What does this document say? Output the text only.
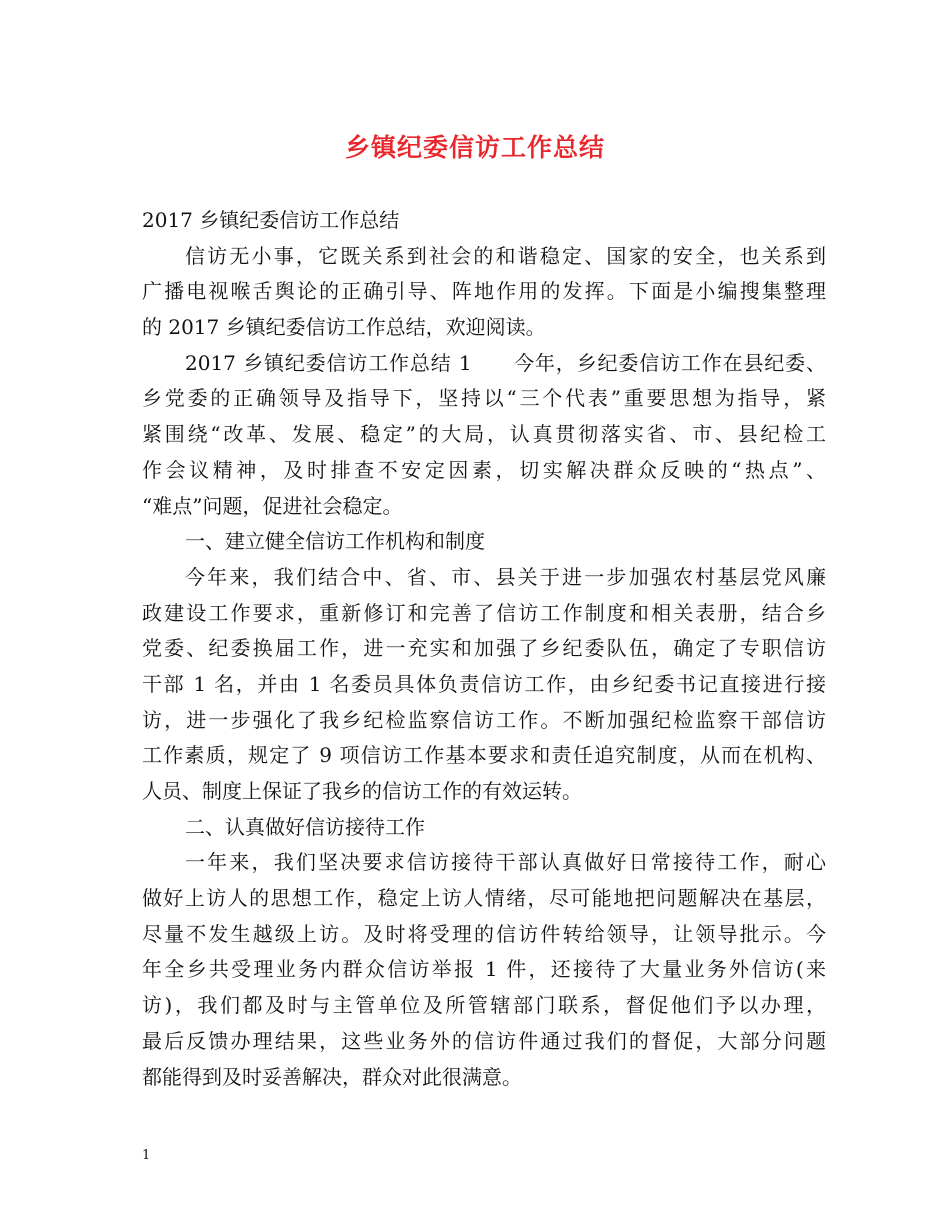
乡镇纪委信访工作总结
2017 乡镇纪委信访工作总结
信访无小事，它既关系到社会的和谐稳定、国家的安全，也关系到
广播电视喉舌舆论的正确引导、阵地作用的发挥。下面是小编搜集整理
的 2017 乡镇纪委信访工作总结，欢迎阅读。
2017 乡镇纪委信访工作总结 1　　今年，乡纪委信访工作在县纪委、
乡党委的正确领导及指导下，坚持以“三个代表”重要思想为指导，紧
紧围绕“改革、发展、稳定”的大局，认真贯彻落实省、市、县纪检工
作会议精神，及时排查不安定因素，切实解决群众反映的“热点”、
“难点”问题，促进社会稳定。
一、建立健全信访工作机构和制度
今年来，我们结合中、省、市、县关于进一步加强农村基层党风廉
政建设工作要求，重新修订和完善了信访工作制度和相关表册，结合乡
党委、纪委换届工作，进一充实和加强了乡纪委队伍，确定了专职信访
干部 1 名，并由 1 名委员具体负责信访工作，由乡纪委书记直接进行接
访，进一步强化了我乡纪检监察信访工作。不断加强纪检监察干部信访
工作素质，规定了 9 项信访工作基本要求和责任追究制度，从而在机构、
人员、制度上保证了我乡的信访工作的有效运转。
二、认真做好信访接待工作
一年来，我们坚决要求信访接待干部认真做好日常接待工作，耐心
做好上访人的思想工作，稳定上访人情绪，尽可能地把问题解决在基层，
尽量不发生越级上访。及时将受理的信访件转给领导，让领导批示。今
年全乡共受理业务内群众信访举报 1 件，还接待了大量业务外信访(来
访)，我们都及时与主管单位及所管辖部门联系，督促他们予以办理，
最后反馈办理结果，这些业务外的信访件通过我们的督促，大部分问题
都能得到及时妥善解决，群众对此很满意。
1
